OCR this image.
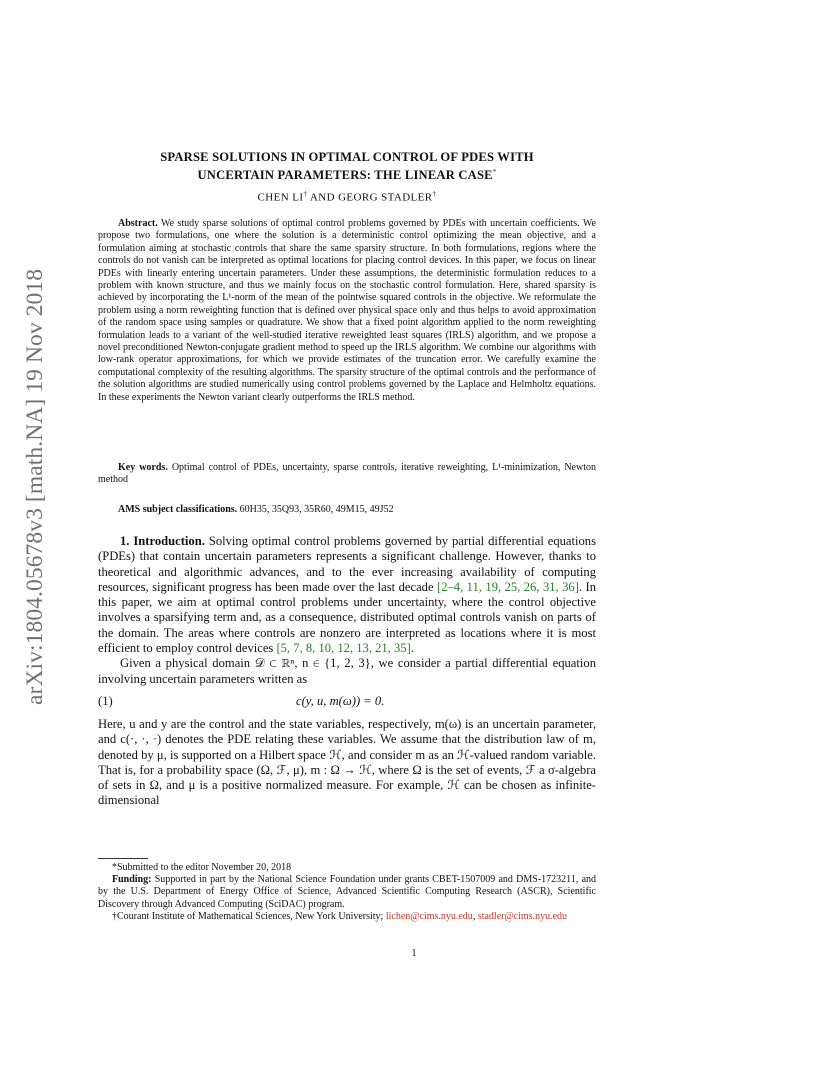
arXiv:1804.05678v3 [math.NA] 19 Nov 2018
SPARSE SOLUTIONS IN OPTIMAL CONTROL OF PDES WITH
UNCERTAIN PARAMETERS: THE LINEAR CASE*
CHEN LI† AND GEORG STADLER†
Abstract. We study sparse solutions of optimal control problems governed by PDEs with uncertain coefficients. We propose two formulations, one where the solution is a deterministic control optimizing the mean objective, and a formulation aiming at stochastic controls that share the same sparsity structure. In both formulations, regions where the controls do not vanish can be interpreted as optimal locations for placing control devices. In this paper, we focus on linear PDEs with linearly entering uncertain parameters. Under these assumptions, the deterministic formulation reduces to a problem with known structure, and thus we mainly focus on the stochastic control formulation. Here, shared sparsity is achieved by incorporating the L¹-norm of the mean of the pointwise squared controls in the objective. We reformulate the problem using a norm reweighting function that is defined over physical space only and thus helps to avoid approximation of the random space using samples or quadrature. We show that a fixed point algorithm applied to the norm reweighting formulation leads to a variant of the well-studied iterative reweighted least squares (IRLS) algorithm, and we propose a novel preconditioned Newton-conjugate gradient method to speed up the IRLS algorithm. We combine our algorithms with low-rank operator approximations, for which we provide estimates of the truncation error. We carefully examine the computational complexity of the resulting algorithms. The sparsity structure of the optimal controls and the performance of the solution algorithms are studied numerically using control problems governed by the Laplace and Helmholtz equations. In these experiments the Newton variant clearly outperforms the IRLS method.
Key words. Optimal control of PDEs, uncertainty, sparse controls, iterative reweighting, L¹-minimization, Newton method
AMS subject classifications. 60H35, 35Q93, 35R60, 49M15, 49J52

1. Introduction. Solving optimal control problems governed by partial differential equations (PDEs) that contain uncertain parameters represents a significant challenge. However, thanks to theoretical and algorithmic advances, and to the ever increasing availability of computing resources, significant progress has been made over the last decade [2–4, 11, 19, 25, 26, 31, 36]. In this paper, we aim at optimal control problems under uncertainty, where the control objective involves a sparsifying term and, as a consequence, distributed optimal controls vanish on parts of the domain. The areas where controls are nonzero are interpreted as locations where it is most efficient to employ control devices [5, 7, 8, 10, 12, 13, 21, 35].

Given a physical domain 𝒟 ⊂ ℝⁿ, n ∈ {1, 2, 3}, we consider a partial differential equation involving uncertain parameters written as

(1)	c(y, u, m(ω)) = 0.

Here, u and y are the control and the state variables, respectively, m(ω) is an uncertain parameter, and c(·, ·, ·) denotes the PDE relating these variables. We assume that the distribution law of m, denoted by μ, is supported on a Hilbert space ℋ, and consider m as an ℋ-valued random variable. That is, for a probability space (Ω, ℱ, μ), m : Ω → ℋ, where Ω is the set of events, ℱ a σ-algebra of sets in Ω, and μ is a positive normalized measure. For example, ℋ can be chosen as infinite-dimensional

*Submitted to the editor November 20, 2018

Funding: Supported in part by the National Science Foundation under grants CBET-1507009 and DMS-1723211, and by the U.S. Department of Energy Office of Science, Advanced Scientific Computing Research (ASCR), Scientific Discovery through Advanced Computing (SciDAC) program.

†Courant Institute of Mathematical Sciences, New York University; lichen@cims.nyu.edu, stadler@cims.nyu.edu

1
